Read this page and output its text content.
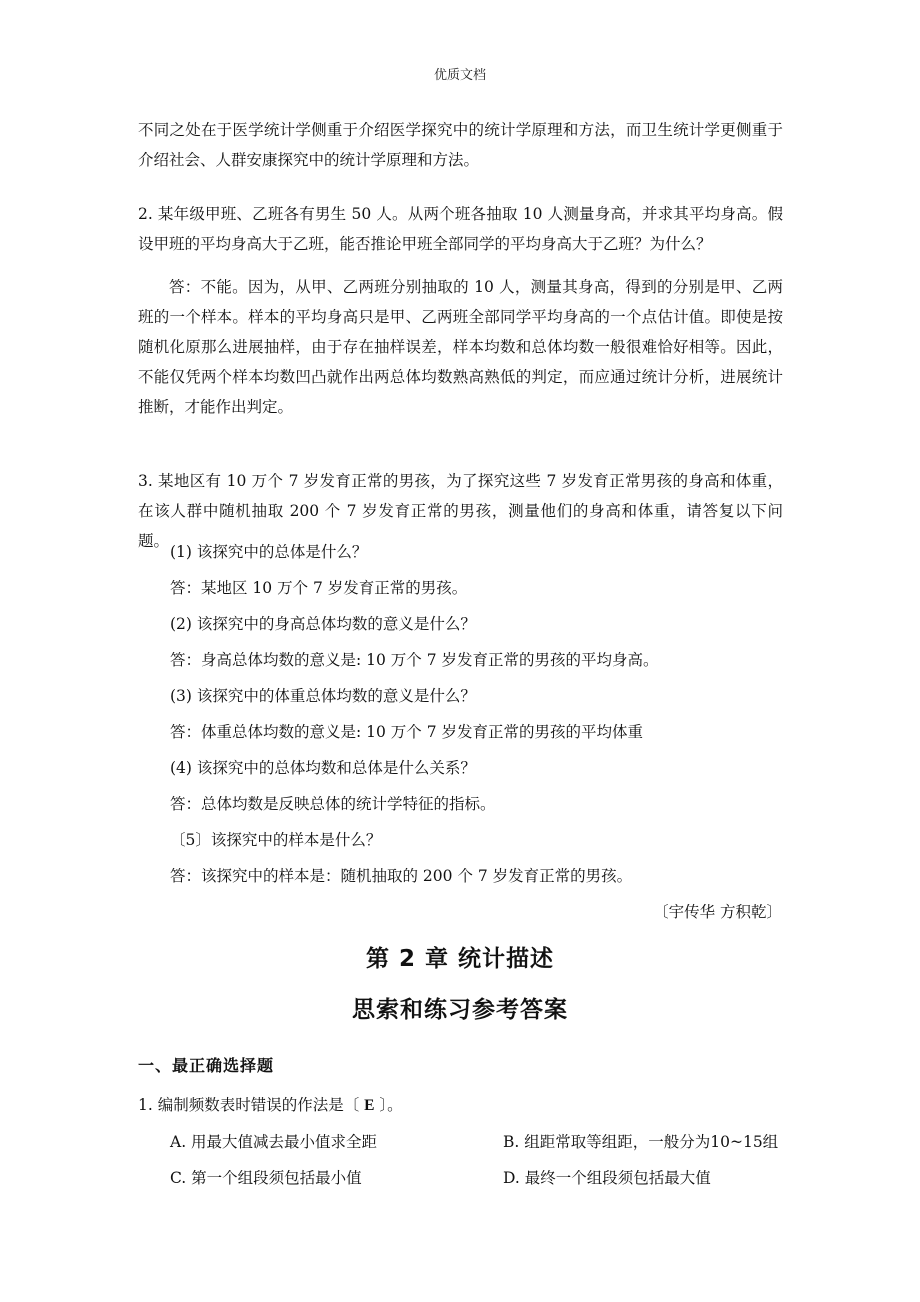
优质文档

不同之处在于医学统计学侧重于介绍医学探究中的统计学原理和方法，而卫生统计学更侧重于介绍社会、人群安康探究中的统计学原理和方法。

2. 某年级甲班、乙班各有男生 50 人。从两个班各抽取 10 人测量身高，并求其平均身高。假设甲班的平均身高大于乙班，能否推论甲班全部同学的平均身高大于乙班？为什么？

答：不能。因为，从甲、乙两班分别抽取的 10 人，测量其身高，得到的分别是甲、乙两班的一个样本。样本的平均身高只是甲、乙两班全部同学平均身高的一个点估计值。即使是按随机化原那么进展抽样，由于存在抽样误差，样本均数和总体均数一般很难恰好相等。因此，不能仅凭两个样本均数凹凸就作出两总体均数熟高熟低的判定，而应通过统计分析，进展统计推断，才能作出判定。

3. 某地区有 10 万个 7 岁发育正常的男孩，为了探究这些 7 岁发育正常男孩的身高和体重，在该人群中随机抽取 200 个 7 岁发育正常的男孩，测量他们的身高和体重，请答复以下问题。

(1) 该探究中的总体是什么？
答：某地区 10 万个 7 岁发育正常的男孩。
(2) 该探究中的身高总体均数的意义是什么？
答：身高总体均数的意义是: 10 万个 7 岁发育正常的男孩的平均身高。
(3) 该探究中的体重总体均数的意义是什么？
答：体重总体均数的意义是: 10 万个 7 岁发育正常的男孩的平均体重
(4) 该探究中的总体均数和总体是什么关系？
答：总体均数是反映总体的统计学特征的指标。
〔5〕该探究中的样本是什么？
答：该探究中的样本是：随机抽取的 200 个 7 岁发育正常的男孩。
〔宇传华 方积乾〕
第 2 章 统计描述
思索和练习参考答案
一、最正确选择题
1. 编制频数表时错误的作法是〔 E 〕。
A. 用最大值减去最小值求全距	B. 组距常取等组距，一般分为10~15组
C. 第一个组段须包括最小值	D. 最终一个组段须包括最大值
